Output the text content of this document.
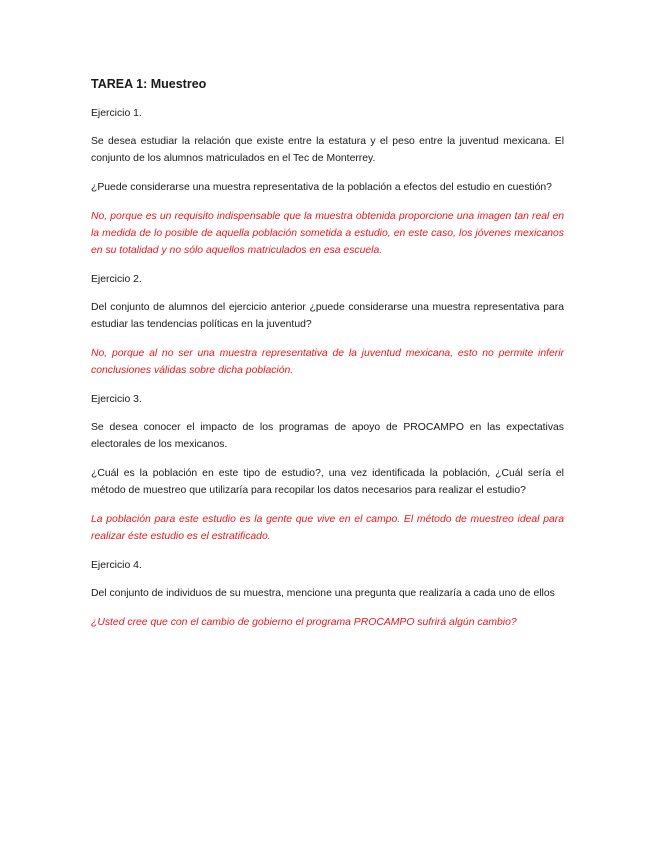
TAREA 1: Muestreo

Ejercicio 1.

Se desea estudiar la relación que existe entre la estatura y el peso entre la juventud mexicana. El conjunto de los alumnos matriculados en el Tec de Monterrey.

¿Puede considerarse una muestra representativa de la población a efectos del estudio en cuestión?

No, porque es un requisito indispensable que la muestra obtenida proporcione una imagen tan real en la medida de lo posible de aquella población sometida a estudio, en este caso, los jóvenes mexicanos en su totalidad y no sólo aquellos matriculados en esa escuela.

Ejercicio 2.

Del conjunto de alumnos del ejercicio anterior ¿puede considerarse una muestra representativa para estudiar las tendencias políticas en la juventud?

No, porque al no ser una muestra representativa de la juventud mexicana, esto no permite inferir conclusiones válidas sobre dicha población.

Ejercicio 3.

Se desea conocer el impacto de los programas de apoyo de PROCAMPO en las expectativas electorales de los mexicanos.

¿Cuál es la población en este tipo de estudio?, una vez identificada la población, ¿Cuál sería el método de muestreo que utilizaría para recopilar los datos necesarios para realizar el estudio?

La población para este estudio es la gente que vive en el campo. El método de muestreo ideal para realizar éste estudio es el estratificado.

Ejercicio 4.

Del conjunto de individuos de su muestra, mencione una pregunta que realizaría a cada uno de ellos

¿Usted cree que con el cambio de gobierno el programa PROCAMPO sufrirá algún cambio?
